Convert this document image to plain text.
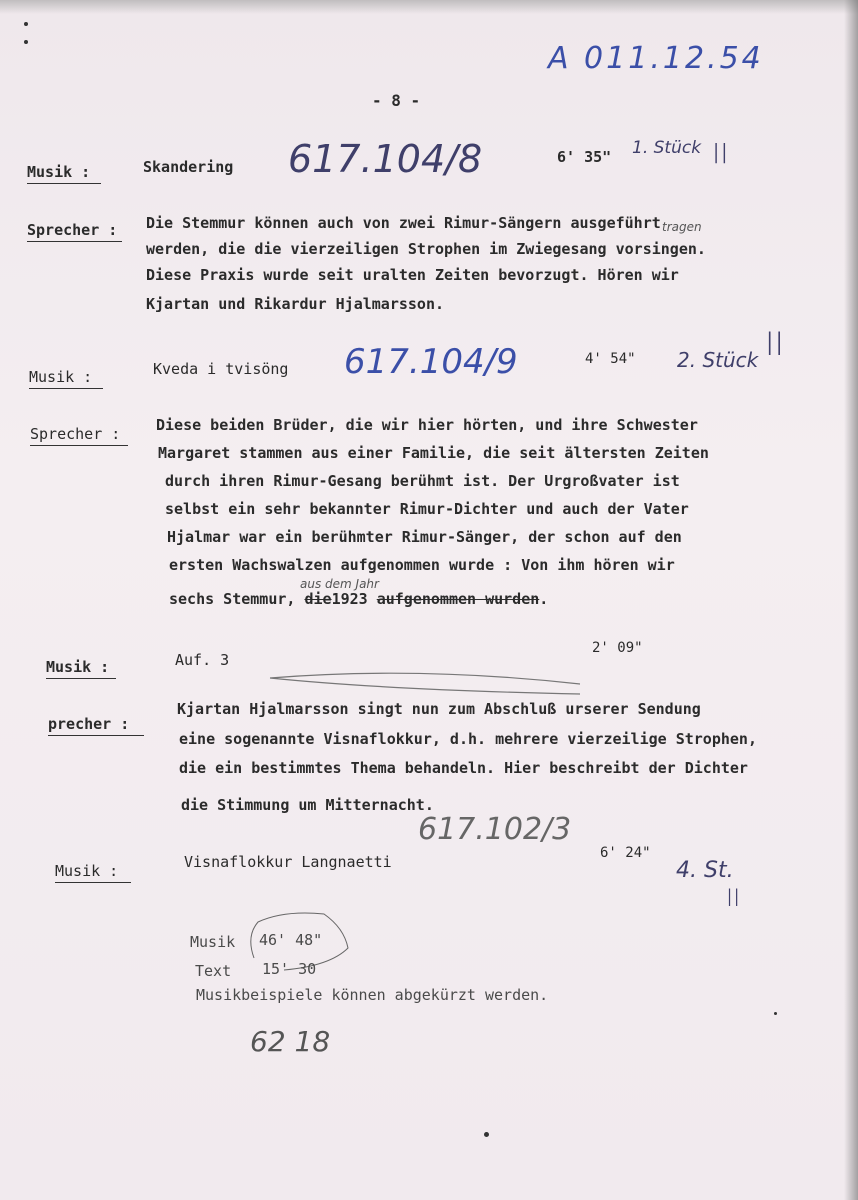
A 011.12.54
- 8 -
Musik :	Skandering 617.104/8	6' 35" 1. Stück II
Sprecher : Die Stemmur können auch von zwei Rimur-Sängern ausgeführt
werden, die die vierzeiligen Strophen im Zwiegesang vorsingen.
tragen
Diese Praxis wurde seit uralten Zeiten bevorzugt. Hören wir
Kjartan und Rikardur Hjalmarsson.
Musik :	Kveda i tvisöng 617.104/9	4' 54" 2. Stück II
Sprecher : Diese beiden Brüder, die wir hier hörten, und ihre Schwester
Margaret stammen aus einer Familie, die seit ältersten Zeiten
durch ihren Rimur-Gesang berühmt ist. Der Urgroßvater ist
selbst ein sehr bekannter Rimur-Dichter und auch der Vater
Hjalmar war ein berühmter Rimur-Sänger, der schon auf den
ersten Wachswalzen aufgenommen wurde : Von ihm hören wir
aus dem Jahr
sechs Stemmur, die1923 aufgenommen wurden.
Musik :	Auf. 3
2' 09"
precher :
Kjartan Hjalmarsson singt nun zum Abschluß urserer Sendung
eine sogenannte Visnaflokkur, d.h. mehrere vierzeilige Strophen,
die ein bestimmtes Thema behandeln. Hier beschreibt der Dichter
die Stimmung um Mitternacht.
Musik :	Visnaflokkur Langnaetti
617.102/3
6' 24"
4. St.
II
Musik 46' 48"
Text 15' 30
Musikbeispiele können abgekürzt werden.
62 18
